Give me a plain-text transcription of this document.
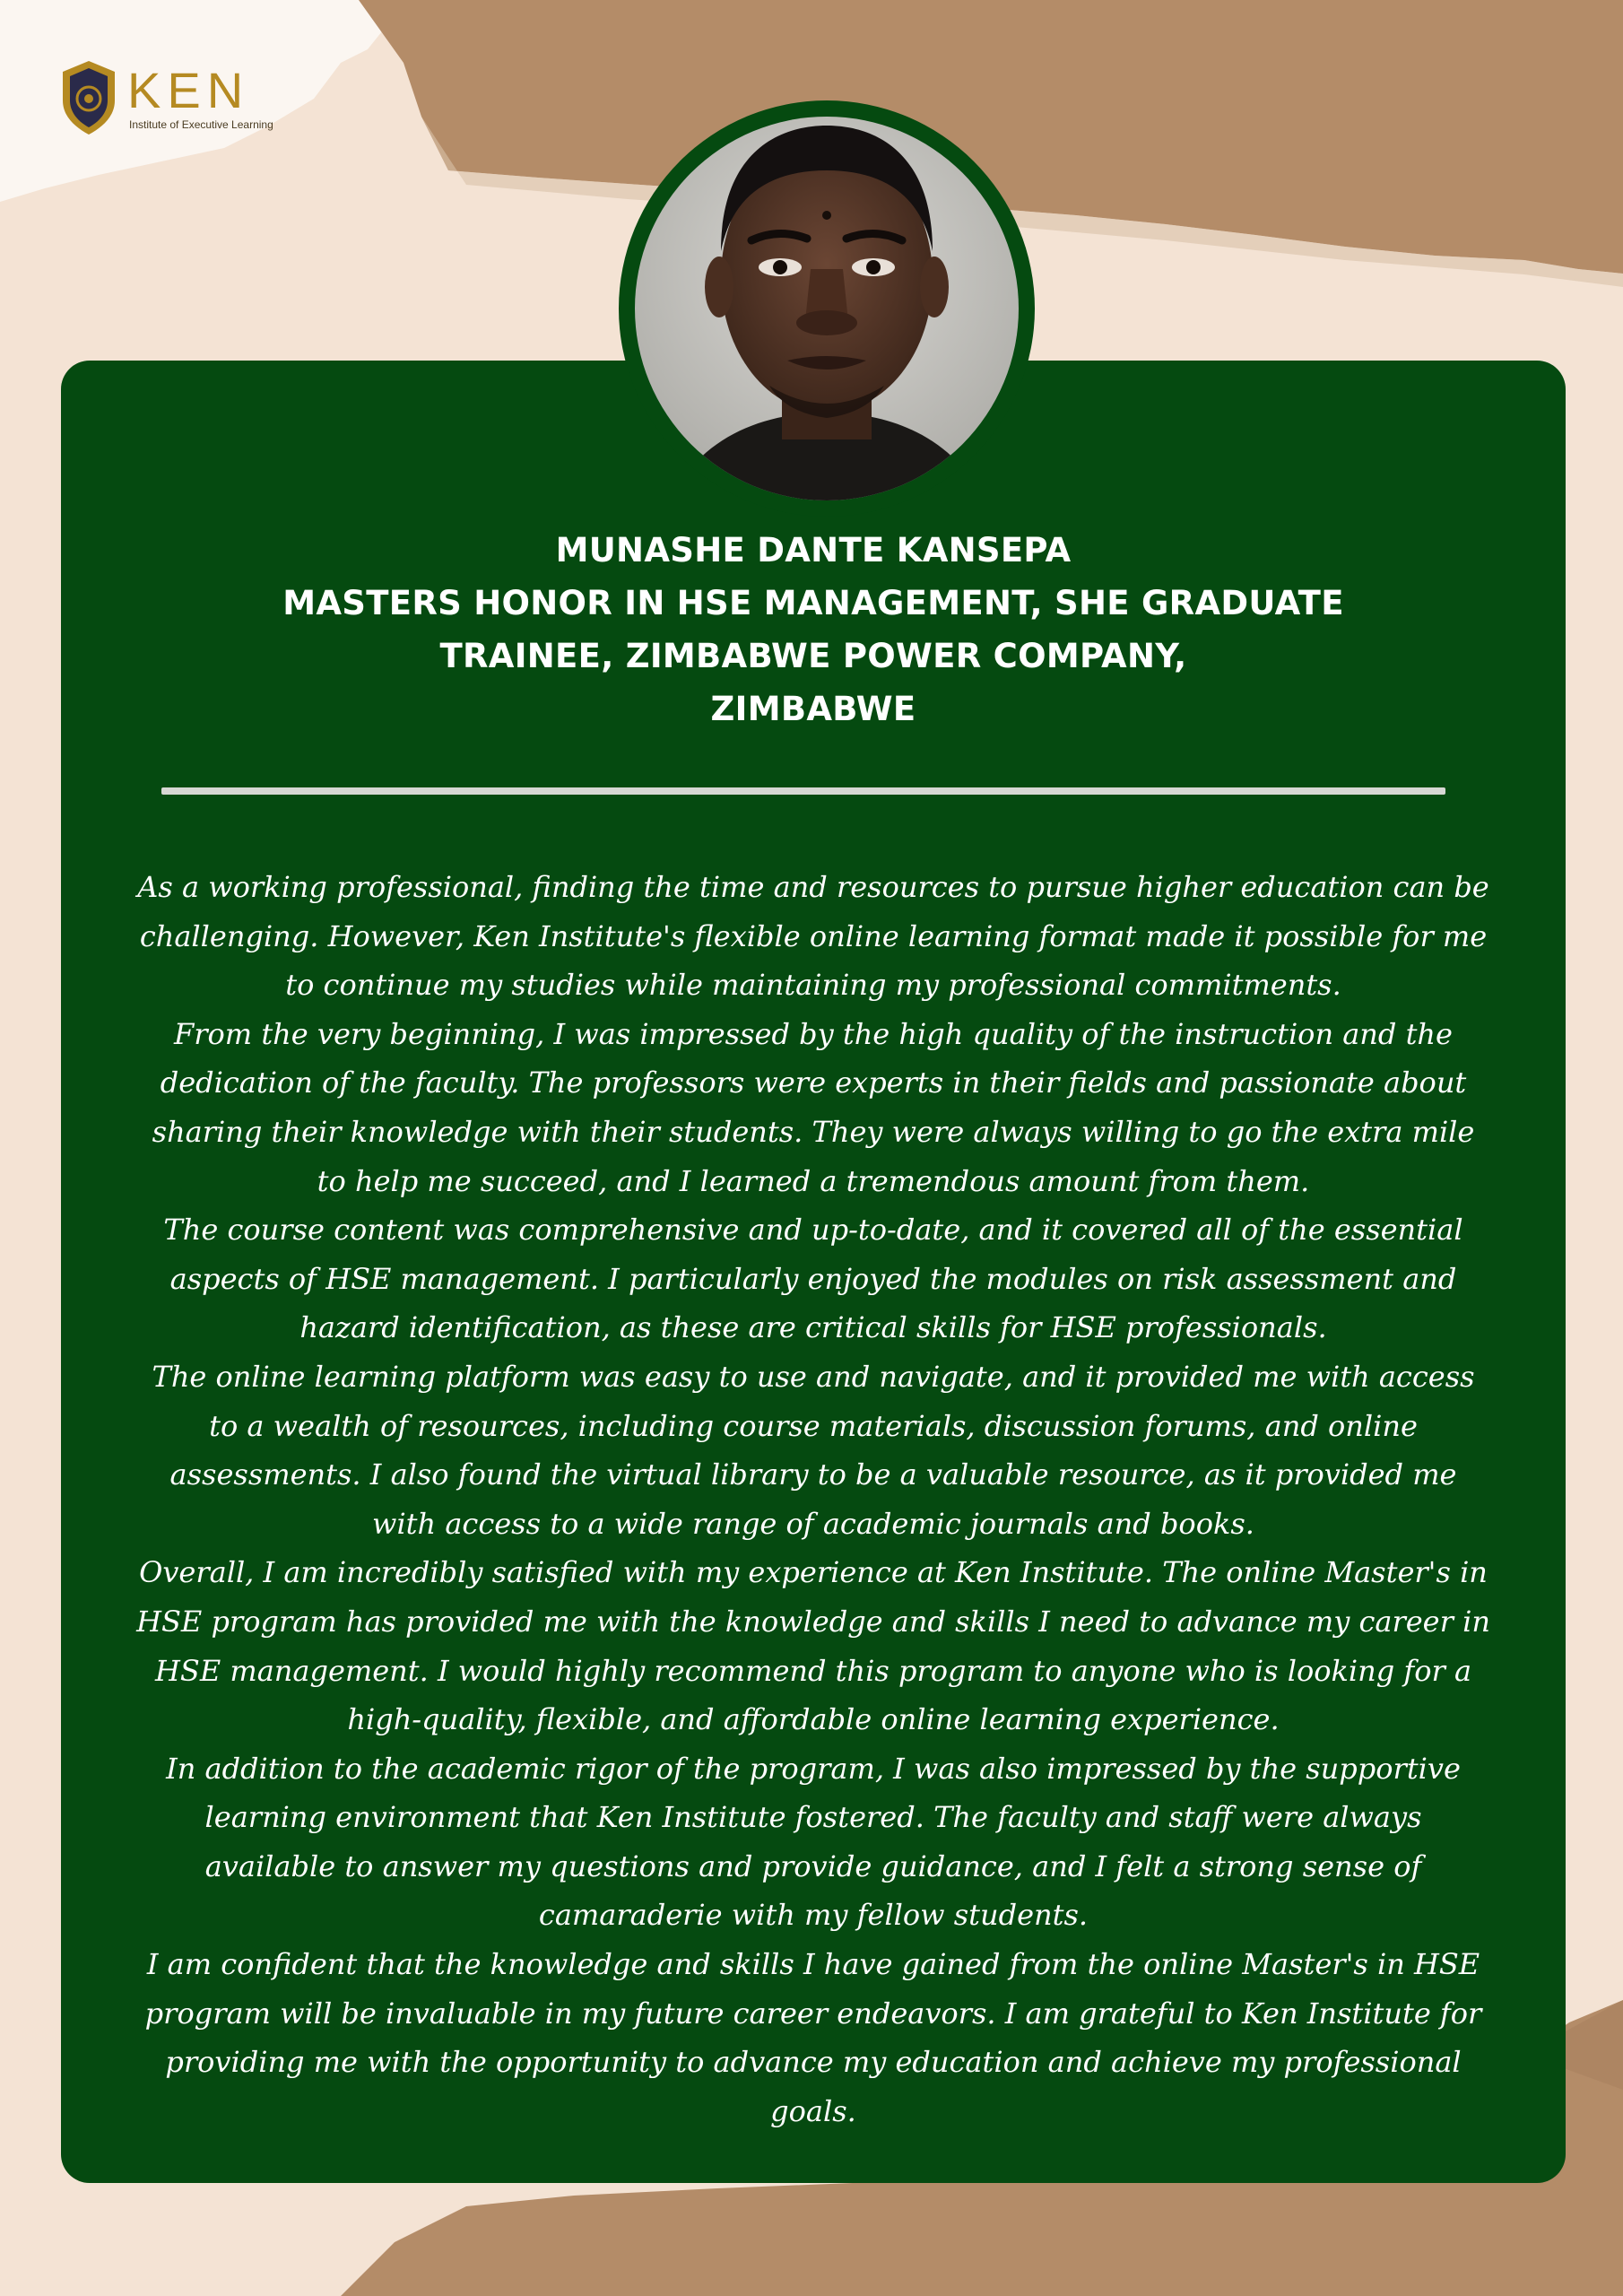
KEN
Institute of Executive Learning
MUNASHE DANTE KANSEPA
MASTERS HONOR IN HSE MANAGEMENT, SHE GRADUATE
TRAINEE, ZIMBABWE POWER COMPANY,
ZIMBABWE
As a working professional, finding the time and resources to pursue higher education can be
challenging. However, Ken Institute's flexible online learning format made it possible for me
to continue my studies while maintaining my professional commitments.
From the very beginning, I was impressed by the high quality of the instruction and the
dedication of the faculty. The professors were experts in their fields and passionate about
sharing their knowledge with their students. They were always willing to go the extra mile
to help me succeed, and I learned a tremendous amount from them.
The course content was comprehensive and up-to-date, and it covered all of the essential
aspects of HSE management. I particularly enjoyed the modules on risk assessment and
hazard identification, as these are critical skills for HSE professionals.
The online learning platform was easy to use and navigate, and it provided me with access
to a wealth of resources, including course materials, discussion forums, and online
assessments. I also found the virtual library to be a valuable resource, as it provided me
with access to a wide range of academic journals and books.
Overall, I am incredibly satisfied with my experience at Ken Institute. The online Master's in
HSE program has provided me with the knowledge and skills I need to advance my career in
HSE management. I would highly recommend this program to anyone who is looking for a
high-quality, flexible, and affordable online learning experience.
In addition to the academic rigor of the program, I was also impressed by the supportive
learning environment that Ken Institute fostered. The faculty and staff were always
available to answer my questions and provide guidance, and I felt a strong sense of
camaraderie with my fellow students.
I am confident that the knowledge and skills I have gained from the online Master's in HSE
program will be invaluable in my future career endeavors. I am grateful to Ken Institute for
providing me with the opportunity to advance my education and achieve my professional
goals.
